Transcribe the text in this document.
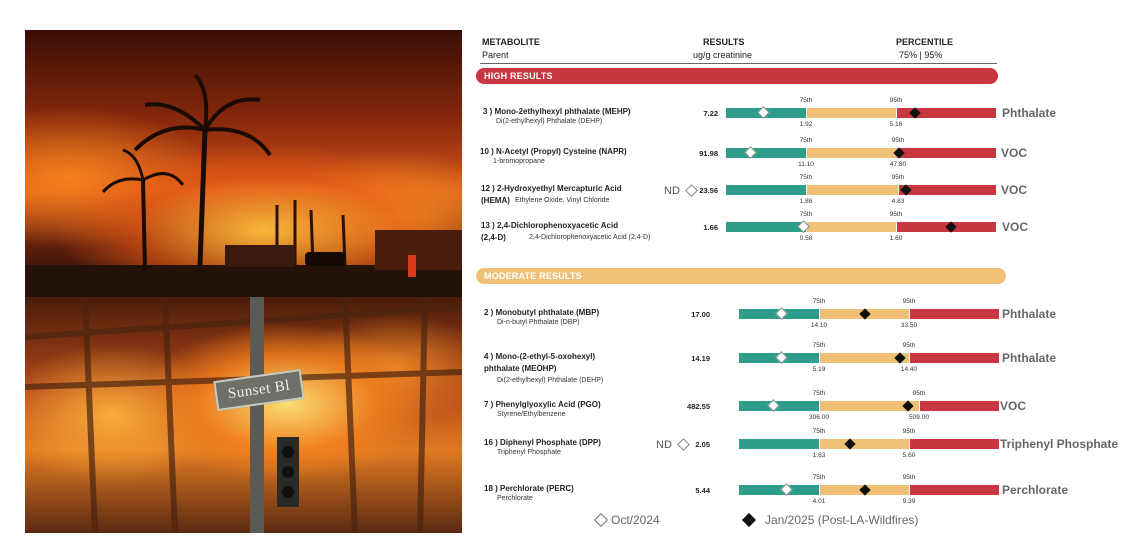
Sunset Bl
METABOLITE
Parent
RESULTS
ug/g creatinine
PERCENTILE
75% | 95%
HIGH RESULTS
MODERATE RESULTS
3 ) Mono-2ethylhexyl phthalate (MEHP)
Di(2-ethylhexyl) Phthalate (DEHP)
7.22
75th	95th
1.92	5.16
Phthalate
10 ) N-Acetyl (Propyl) Cysteine (NAPR)
1-bromopropane
91.98
75th	95th
11.10	47.80
VOC
12 ) 2-Hydroxyethyl Mercapturic Acid
(HEMA) Ethylene Oxide, Vinyl Chloride
ND	23.56
75th	95th
1.86	4.83
VOC
13 ) 2,4-Dichlorophenoxyacetic Acid
(2,4-D)	2,4-Dichlorophenoxyacetic Acid (2,4-D)
1.66
75th	95th
0.58	1.60
VOC
2 ) Monobutyl phthalate (MBP)
Di-n-butyl Phthalate (DBP)
17.00
75th	95th
14.10	33.50
Phthalate
4 ) Mono-(2-ethyl-5-oxohexyl)
phthalate (MEOHP)
Di(2-ethylhexyl) Phthalate (DEHP)
14.19
75th	95th
5.19	14.40
Phthalate
7 ) Phenylglyoxylic Acid (PGO)
Styrene/Ethylbenzene
482.55
75th	95th
306.00	509.00
VOC
16 ) Diphenyl Phosphate (DPP)
Triphenyl Phosphate
ND	2.05
75th	95th
1.63	5.60
Triphenyl Phosphate
18 ) Perchlorate (PERC)
Perchlorate
5.44
75th	95th
4.01	9.39
Perchlorate
Oct/2024	Jan/2025 (Post-LA-Wildfires)
